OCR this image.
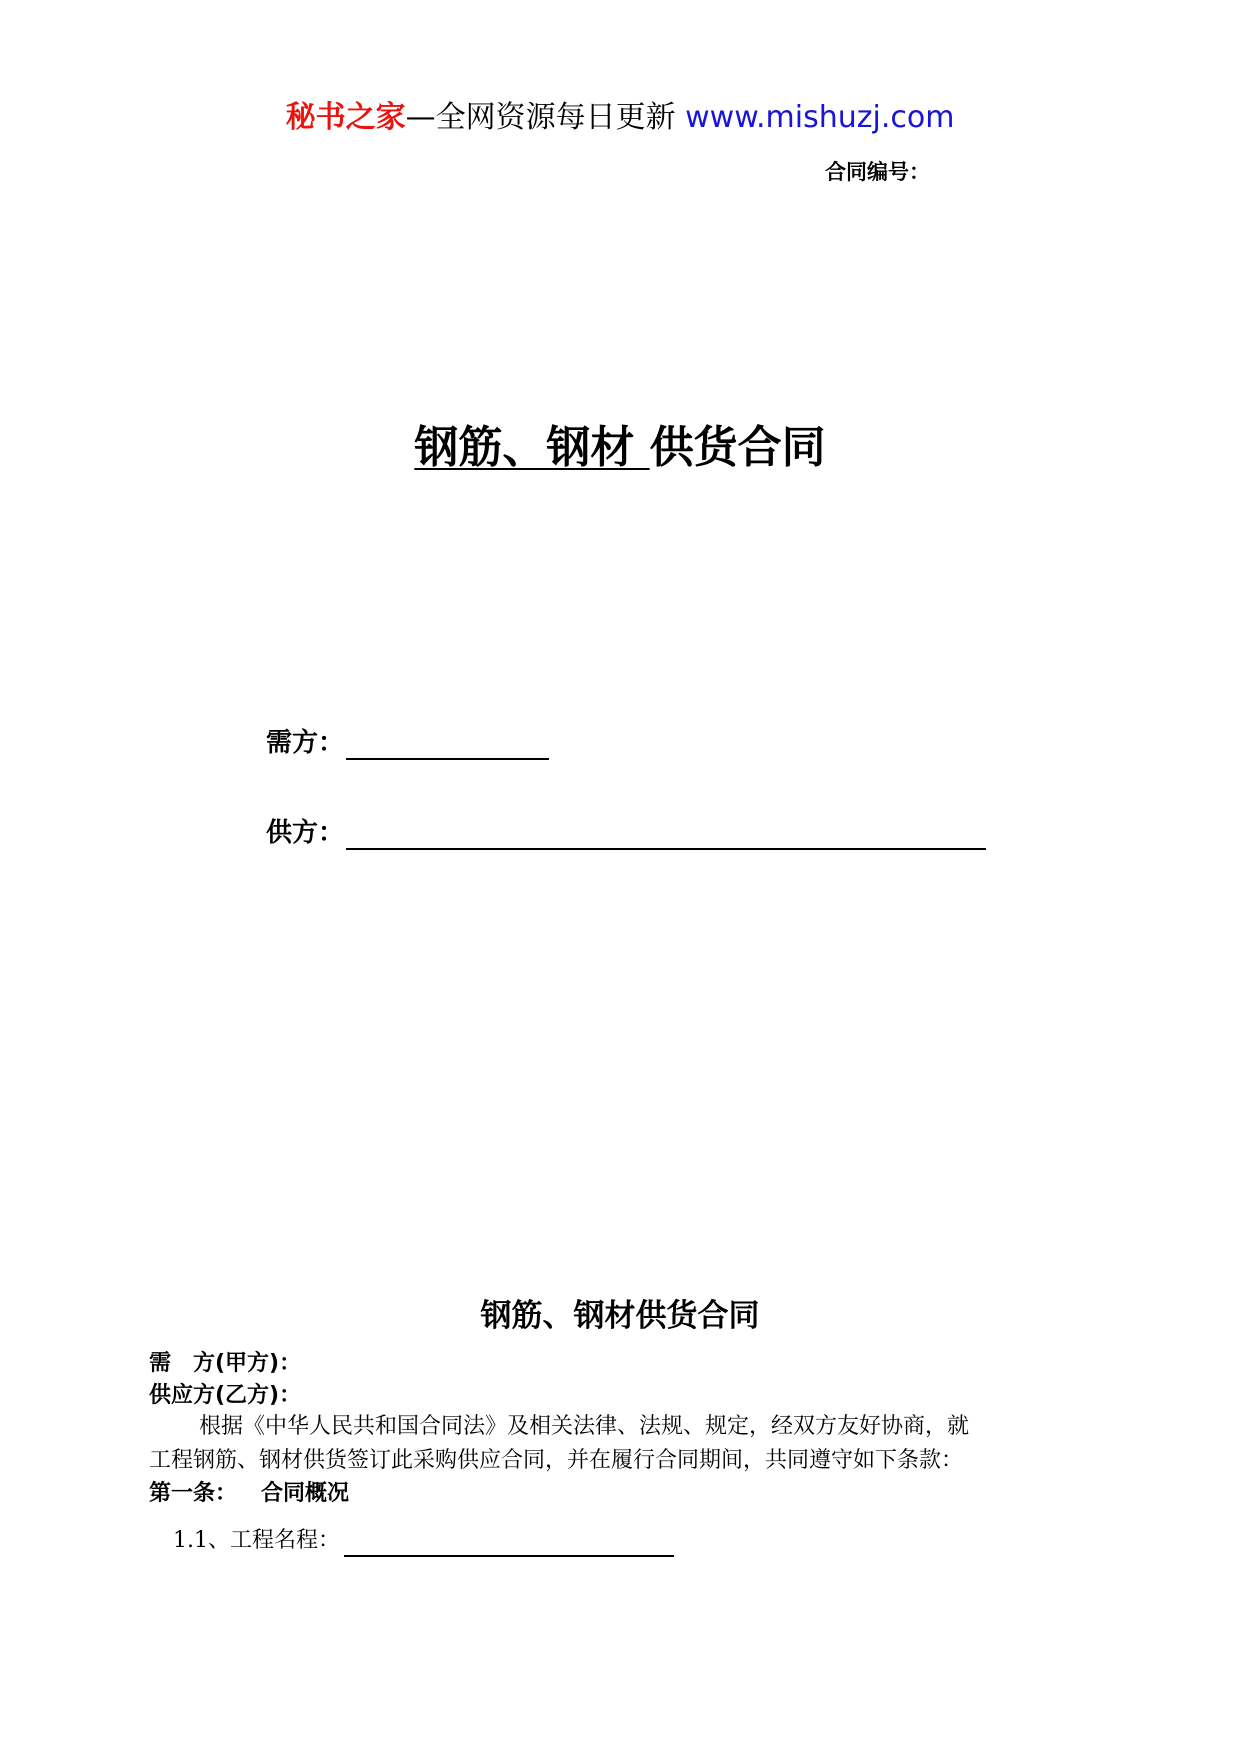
秘书之家—全网资源每日更新 www.mishuzj.com
合同编号：
钢筋、钢材 供货合同
需方：
供方：
钢筋、钢材供货合同
需　方(甲方)：
供应方(乙方)：
根据《中华人民共和国合同法》及相关法律、法规、规定，经双方友好协商，就
工程钢筋、钢材供货签订此采购供应合同，并在履行合同期间，共同遵守如下条款：
第一条： 合同概况
1.1、工程名程：
